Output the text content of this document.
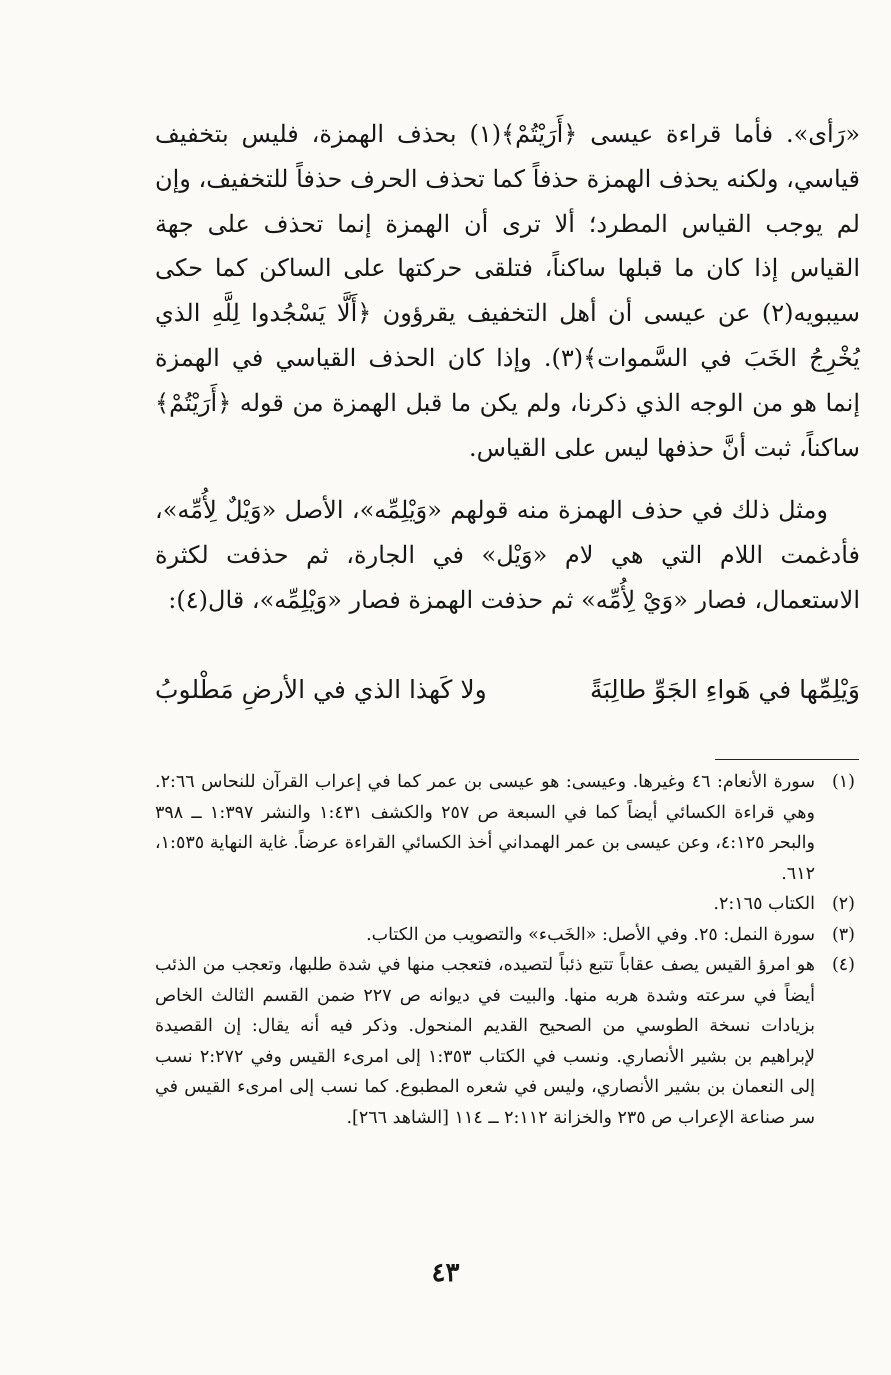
«رَأى». فأما قراءة عيسى ﴿أَرَيْتُمْ﴾(١) بحذف الهمزة، فليس بتخفيف قياسي، ولكنه يحذف الهمزة حذفاً كما تحذف الحرف حذفاً للتخفيف، وإن لم يوجب القياس المطرد؛ ألا ترى أن الهمزة إنما تحذف على جهة القياس إذا كان ما قبلها ساكناً، فتلقى حركتها على الساكن كما حكى سيبويه(٢) عن عيسى أن أهل التخفيف يقرؤون ﴿أَلَّا يَسْجُدوا لِلَّهِ الذي يُخْرِجُ الخَبَ في السَّموات﴾(٣). وإذا كان الحذف القياسي في الهمزة إنما هو من الوجه الذي ذكرنا، ولم يكن ما قبل الهمزة من قوله ﴿أَرَيْتُمْ﴾ ساكناً، ثبت أنَّ حذفها ليس على القياس.

ومثل ذلك في حذف الهمزة منه قولهم «وَيْلِمِّه»، الأصل «وَيْلٌ لِأُمِّه»، فأدغمت اللام التي هي لام «وَيْل» في الجارة، ثم حذفت لكثرة الاستعمال، فصار «وَيْ لِأُمِّه» ثم حذفت الهمزة فصار «وَيْلِمِّه»، قال(٤):

وَيْلِمِّها في هَواءِ الجَوِّ طالِبَةً
ولا كَهذا الذي في الأرضِ مَطْلوبُ
(١)
سورة الأنعام: ٤٦ وغيرها. وعيسى: هو عيسى بن عمر كما في إعراب القرآن للنحاس ٢:٦٦. وهي قراءة الكسائي أيضاً كما في السبعة ص ٢٥٧ والكشف ١:٤٣١ والنشر ١:٣٩٧ ــ ٣٩٨ والبحر ٤:١٢٥، وعن عيسى بن عمر الهمداني أخذ الكسائي القراءة عرضاً. غاية النهاية ١:٥٣٥، ٦١٢.
(٢)
الكتاب ٢:١٦٥.
(٣)
سورة النمل: ٢٥. وفي الأصل: «الخَبء» والتصويب من الكتاب.
(٤)
هو امرؤ القيس يصف عقاباً تتبع ذئباً لتصيده، فتعجب منها في شدة طلبها، وتعجب من الذئب أيضاً في سرعته وشدة هربه منها. والبيت في ديوانه ص ٢٢٧ ضمن القسم الثالث الخاص بزيادات نسخة الطوسي من الصحيح القديم المنحول. وذكر فيه أنه يقال: إن القصيدة لإبراهيم بن بشير الأنصاري. ونسب في الكتاب ١:٣٥٣ إلى امرىء القيس وفي ٢:٢٧٢ نسب إلى النعمان بن بشير الأنصاري، وليس في شعره المطبوع. كما نسب إلى امرىء القيس في سر صناعة الإعراب ص ٢٣٥ والخزانة ٢:١١٢ ــ ١١٤ [الشاهد ٢٦٦].
٤٣
